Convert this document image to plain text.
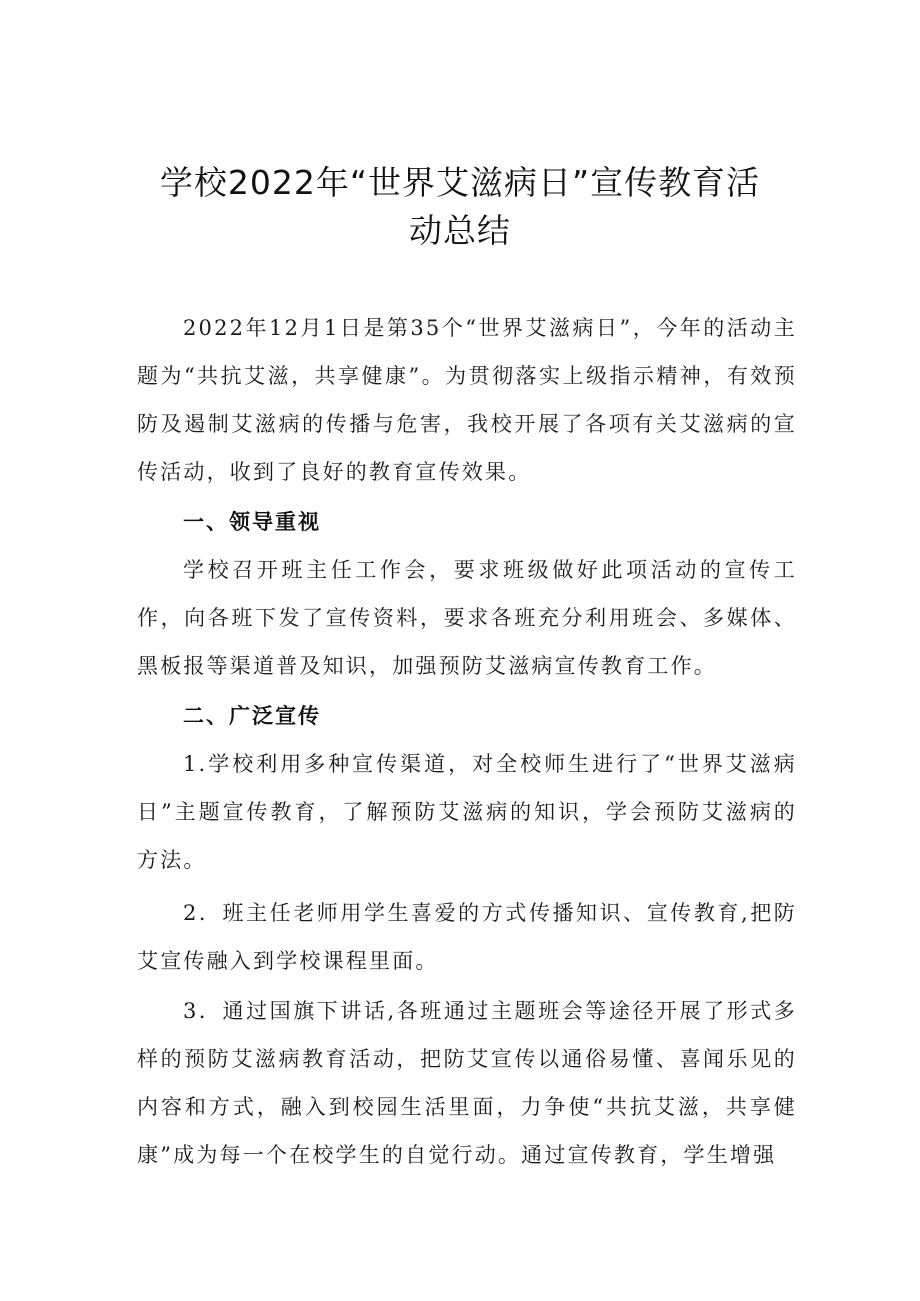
学校2022年“世界艾滋病日”宣传教育活
动总结

2022年12月1日是第35个“世界艾滋病日”，今年的活动主题为“共抗艾滋，共享健康”。为贯彻落实上级指示精神，有效预防及遏制艾滋病的传播与危害，我校开展了各项有关艾滋病的宣传活动，收到了良好的教育宣传效果。

一、领导重视

学校召开班主任工作会，要求班级做好此项活动的宣传工作，向各班下发了宣传资料，要求各班充分利用班会、多媒体、黑板报等渠道普及知识，加强预防艾滋病宣传教育工作。

二、广泛宣传

1.学校利用多种宣传渠道，对全校师生进行了“世界艾滋病日”主题宣传教育，了解预防艾滋病的知识，学会预防艾滋病的方法。

2．班主任老师用学生喜爱的方式传播知识、宣传教育,把防艾宣传融入到学校课程里面。

3．通过国旗下讲话,各班通过主题班会等途径开展了形式多样的预防艾滋病教育活动，把防艾宣传以通俗易懂、喜闻乐见的内容和方式，融入到校园生活里面，力争使“共抗艾滋，共享健康”成为每一个在校学生的自觉行动。通过宣传教育，学生增强
